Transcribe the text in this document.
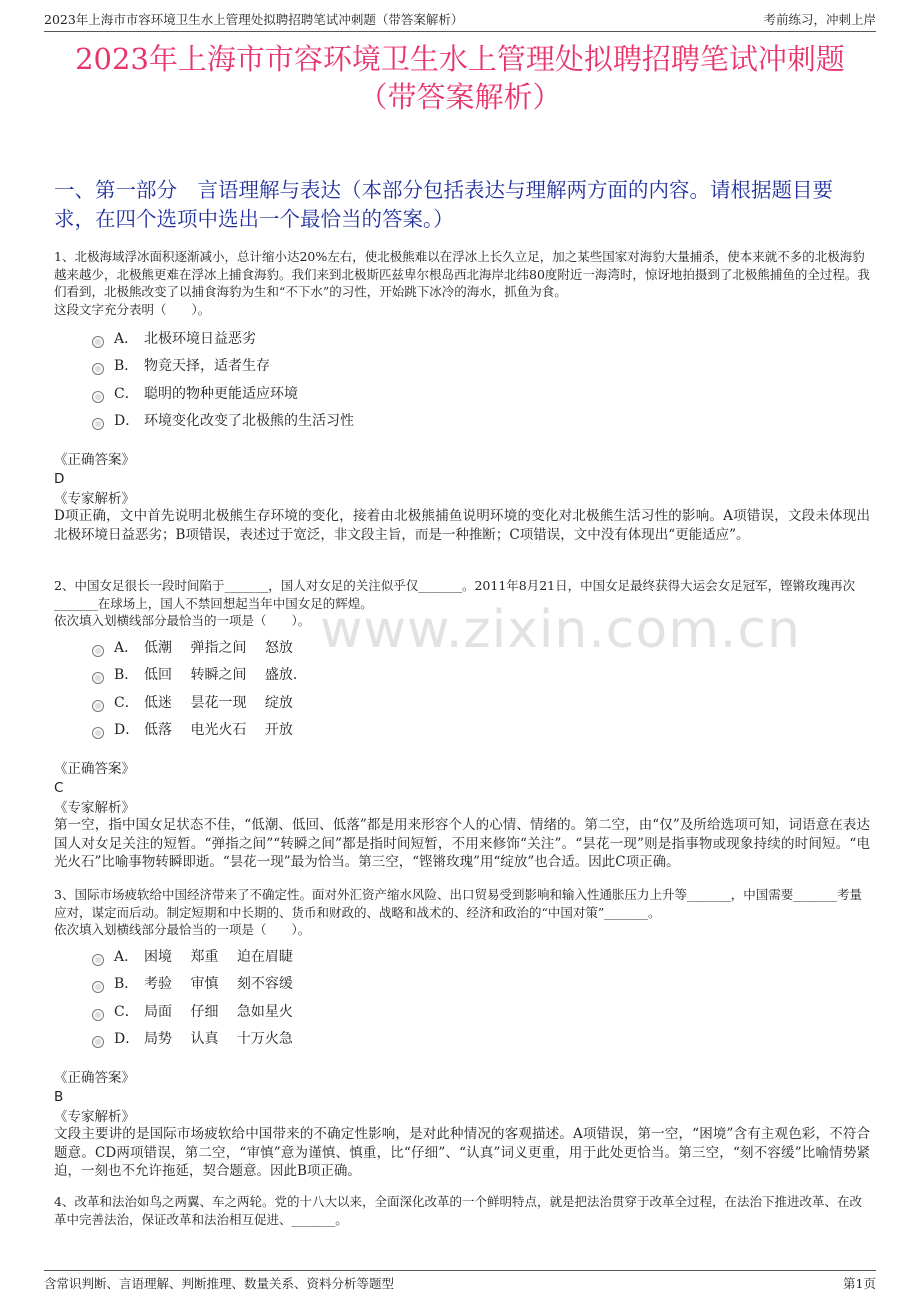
2023年上海市市容环境卫生水上管理处拟聘招聘笔试冲刺题（带答案解析）	考前练习，冲刺上岸
2023年上海市市容环境卫生水上管理处拟聘招聘笔试冲刺题
（带答案解析）
一、第一部分　言语理解与表达（本部分包括表达与理解两方面的内容。请根据题目要求，在四个选项中选出一个最恰当的答案。）
www.zixin.com.cn
1、北极海域浮冰面积逐渐减小，总计缩小达20%左右，使北极熊难以在浮冰上长久立足，加之某些国家对海豹大量捕杀，使本来就不多的北极海豹越来越少，北极熊更难在浮冰上捕食海豹。我们来到北极斯匹兹卑尔根岛西北海岸北纬80度附近一海湾时，惊讶地拍摄到了北极熊捕鱼的全过程。我们看到，北极熊改变了以捕食海豹为生和“不下水”的习性，开始跳下冰冷的海水，抓鱼为食。
这段文字充分表明（　　）。
A． 北极环境日益恶劣
B． 物竞天择，适者生存
C． 聪明的物种更能适应环境
D． 环境变化改变了北极熊的生活习性
《正确答案》
D
《专家解析》
D项正确，文中首先说明北极熊生存环境的变化，接着由北极熊捕鱼说明环境的变化对北极熊生活习性的影响。A项错误，文段未体现出北极环境日益恶劣；B项错误，表述过于宽泛，非文段主旨，而是一种推断；C项错误，文中没有体现出“更能适应”。
2、中国女足很长一段时间陷于_______，国人对女足的关注似乎仅_______。2011年8月21日，中国女足最终获得大运会女足冠军，铿锵玫瑰再次_______在球场上，国人不禁回想起当年中国女足的辉煌。
依次填入划横线部分最恰当的一项是（　　）。
A． 低潮　 弹指之间　 怒放
B． 低回　 转瞬之间　 盛放.
C． 低迷　 昙花一现　 绽放
D． 低落　 电光火石　 开放
《正确答案》
C
《专家解析》
第一空，指中国女足状态不佳，“低潮、低回、低落”都是用来形容个人的心情、情绪的。第二空，由“仅”及所给选项可知，词语意在表达国人对女足关注的短暂。“弹指之间”“转瞬之间”都是指时间短暂，不用来修饰“关注”。“昙花一现”则是指事物或现象持续的时间短。“电光火石”比喻事物转瞬即逝。“昙花一现”最为恰当。第三空，“铿锵玫瑰”用“绽放”也合适。因此C项正确。
3、国际市场疲软给中国经济带来了不确定性。面对外汇资产缩水风险、出口贸易受到影响和输入性通胀压力上升等_______，中国需要_______考量应对，谋定而后动。制定短期和中长期的、货币和财政的、战略和战术的、经济和政治的“中国对策”_______。
依次填入划横线部分最恰当的一项是（　　）。
A． 困境　 郑重　 迫在眉睫
B． 考验　 审慎　 刻不容缓
C． 局面　 仔细　 急如星火
D． 局势　 认真　 十万火急
《正确答案》
B
《专家解析》
文段主要讲的是国际市场疲软给中国带来的不确定性影响，是对此种情况的客观描述。A项错误，第一空，“困境”含有主观色彩，不符合题意。CD两项错误，第二空，“审慎”意为谨慎、慎重，比“仔细”、“认真”词义更重，用于此处更恰当。第三空，“刻不容缓”比喻情势紧迫，一刻也不允许拖延，契合题意。因此B项正确。
4、改革和法治如鸟之两翼、车之两轮。党的十八大以来，全面深化改革的一个鲜明特点，就是把法治贯穿于改革全过程，在法治下推进改革、在改革中完善法治，保证改革和法治相互促进、_______。
含常识判断、言语理解、判断推理、数量关系、资料分析等题型	第1页
